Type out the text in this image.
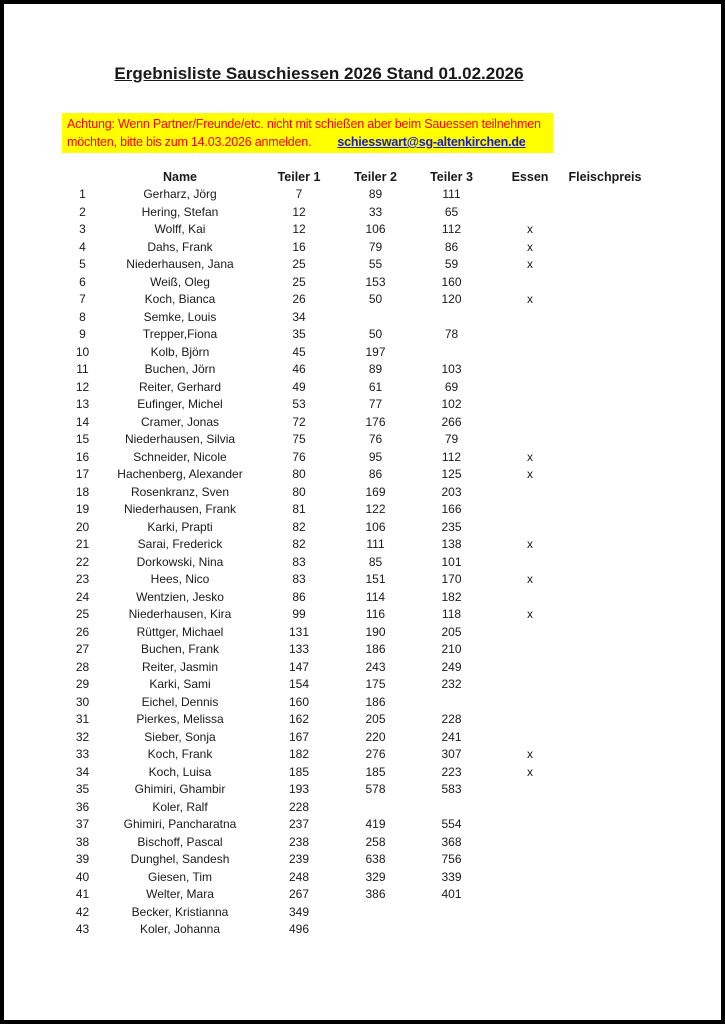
Ergebnisliste Sauschiessen 2026 Stand 01.02.2026
Achtung: Wenn Partner/Freunde/etc. nicht mit schießen aber beim Sauessen teilnehmen
möchten, bitte bis zum 14.03.2026 anmelden. schiesswart@sg-altenkirchen.de
	Name	Teiler 1	Teiler 2	Teiler 3	Essen	Fleischpreis
1	Gerharz, Jörg	7	89	111		
2	Hering, Stefan	12	33	65		
3	Wolff, Kai	12	106	112	x	
4	Dahs, Frank	16	79	86	x	
5	Niederhausen, Jana	25	55	59	x	
6	Weiß, Oleg	25	153	160		
7	Koch, Bianca	26	50	120	x	
8	Semke, Louis	34				
9	Trepper,Fiona	35	50	78		
10	Kolb, Björn	45	197			
11	Buchen, Jörn	46	89	103		
12	Reiter, Gerhard	49	61	69		
13	Eufinger, Michel	53	77	102		
14	Cramer, Jonas	72	176	266		
15	Niederhausen, Silvia	75	76	79		
16	Schneider, Nicole	76	95	112	x	
17	Hachenberg, Alexander	80	86	125	x	
18	Rosenkranz, Sven	80	169	203		
19	Niederhausen, Frank	81	122	166		
20	Karki, Prapti	82	106	235		
21	Sarai, Frederick	82	111	138	x	
22	Dorkowski, Nina	83	85	101		
23	Hees, Nico	83	151	170	x	
24	Wentzien, Jesko	86	114	182		
25	Niederhausen, Kira	99	116	118	x	
26	Rüttger, Michael	131	190	205		
27	Buchen, Frank	133	186	210		
28	Reiter, Jasmin	147	243	249		
29	Karki, Sami	154	175	232		
30	Eichel, Dennis	160	186			
31	Pierkes, Melissa	162	205	228		
32	Sieber, Sonja	167	220	241		
33	Koch, Frank	182	276	307	x	
34	Koch, Luisa	185	185	223	x	
35	Ghimiri, Ghambir	193	578	583		
36	Koler, Ralf	228				
37	Ghimiri, Pancharatna	237	419	554		
38	Bischoff, Pascal	238	258	368		
39	Dunghel, Sandesh	239	638	756		
40	Giesen, Tim	248	329	339		
41	Welter, Mara	267	386	401		
42	Becker, Kristianna	349				
43	Koler, Johanna	496				
